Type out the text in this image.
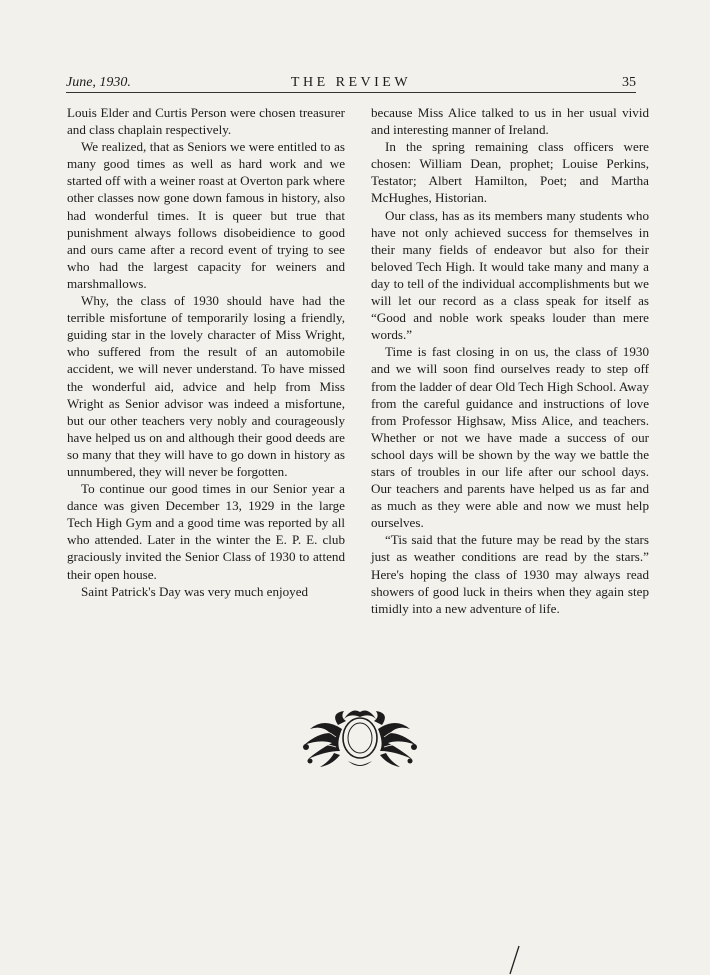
June, 1930.	THE REVIEW	35

Louis Elder and Curtis Person were chosen treasurer and class chaplain respectively.

We realized, that as Seniors we were entitled to as many good times as well as hard work and we started off with a weiner roast at Overton park where other classes now gone down famous in history, also had wonderful times. It is queer but true that punishment always follows disobeidience to good and ours came after a record event of trying to see who had the largest capacity for weiners and marshmallows.

Why, the class of 1930 should have had the terrible misfortune of temporarily losing a friendly, guiding star in the lovely character of Miss Wright, who suffered from the result of an automobile accident, we will never understand. To have missed the wonderful aid, advice and help from Miss Wright as Senior advisor was indeed a misfortune, but our other teachers very nobly and courageously have helped us on and although their good deeds are so many that they will have to go down in history as unnumbered, they will never be forgotten.

To continue our good times in our Senior year a dance was given December 13, 1929 in the large Tech High Gym and a good time was reported by all who attended. Later in the winter the E. P. E. club graciously invited the Senior Class of 1930 to attend their open house.

Saint Patrick's Day was very much enjoyed

because Miss Alice talked to us in her usual vivid and interesting manner of Ireland.

In the spring remaining class officers were chosen: William Dean, prophet; Louise Perkins, Testator; Albert Hamilton, Poet; and Martha McHughes, Historian.

Our class, has as its members many students who have not only achieved success for themselves in their many fields of endeavor but also for their beloved Tech High. It would take many and many a day to tell of the individual accomplishments but we will let our record as a class speak for itself as “Good and noble work speaks louder than mere words.”

Time is fast closing in on us, the class of 1930 and we will soon find ourselves ready to step off from the ladder of dear Old Tech High School. Away from the careful guidance and instructions of love from Professor Highsaw, Miss Alice, and teachers. Whether or not we have made a success of our school days will be shown by the way we battle the stars of troubles in our life after our school days. Our teachers and parents have helped us as far and as much as they were able and now we must help ourselves.

“Tis said that the future may be read by the stars just as weather conditions are read by the stars.” Here's hoping the class of 1930 may always read showers of good luck in theirs when they again step timidly into a new adventure of life.
